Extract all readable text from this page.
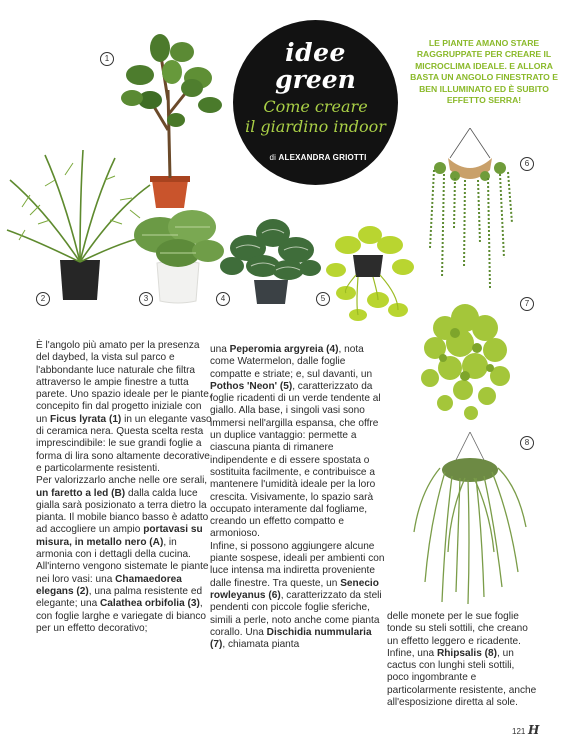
1
2	3	4	5
6
7
8
idee
green
Come creare
il giardino indoor
di ALEXANDRA GRIOTTI
LE PIANTE AMANO STARE RAGGRUPPATE PER CREARE IL MICROCLIMA IDEALE. E ALLORA BASTA UN ANGOLO FINESTRATO E BEN ILLUMINATO ED È SUBITO EFFETTO SERRA!

È l'angolo più amato per la presenza del daybed, la vista sul parco e l'abbondante luce naturale che filtra attraverso le ampie finestre a tutta parete. Uno spazio ideale per le piante, concepito fin dal progetto iniziale con un Ficus lyrata (1) in un elegante vaso di ceramica nera. Questa scelta resta imprescindibile: le sue grandi foglie a forma di lira sono altamente decorative e particolarmente resistenti.

Per valorizzarlo anche nelle ore serali, un faretto a led (B) dalla calda luce gialla sarà posizionato a terra dietro la pianta. Il mobile bianco basso è adatto ad accogliere un ampio portavasi su misura, in metallo nero (A), in armonia con i dettagli della cucina. All'interno vengono sistemate le piante nei loro vasi: una Chamaedorea elegans (2), una palma resistente ed elegante; una Calathea orbifolia (3), con foglie larghe e variegate di bianco per un effetto decorativo;

una Peperomia argyreia (4), nota come Watermelon, dalle foglie compatte e striate; e, sul davanti, un Pothos 'Neon' (5), caratterizzato da foglie ricadenti di un verde tendente al giallo. Alla base, i singoli vasi sono immersi nell'argilla espansa, che offre un duplice vantaggio: permette a ciascuna pianta di rimanere indipendente e di essere spostata o sostituita facilmente, e contribuisce a mantenere l'umidità ideale per la loro crescita. Visivamente, lo spazio sarà occupato interamente dal fogliame, creando un effetto compatto e armonioso.

Infine, si possono aggiungere alcune piante sospese, ideali per ambienti con luce intensa ma indiretta proveniente dalle finestre. Tra queste, un Senecio rowleyanus (6), caratterizzato da steli pendenti con piccole foglie sferiche, simili a perle, noto anche come pianta corallo. Una Dischidia nummularia (7), chiamata pianta

delle monete per le sue foglie tonde su steli sottili, che creano un effetto leggero e ricadente. Infine, una Rhipsalis (8), un cactus con lunghi steli sottili, poco ingombrante e particolarmente resistente, anche all'esposizione diretta al sole.

121 H
